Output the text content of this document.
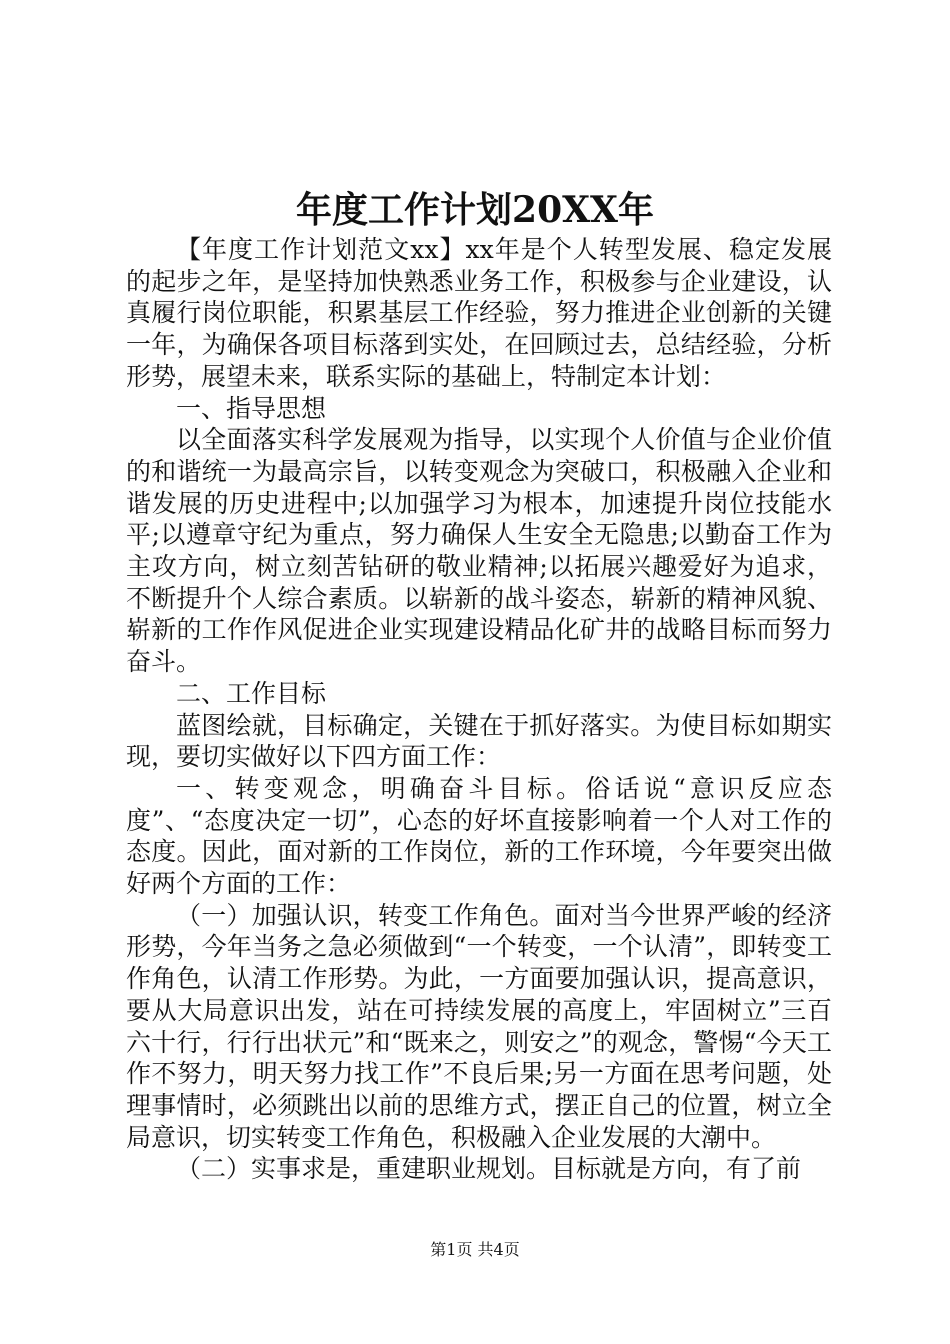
年度工作计划20XX年

【年度工作计划范文xx】xx年是个人转型发展、稳定发展的起步之年，是坚持加快熟悉业务工作，积极参与企业建设，认真履行岗位职能，积累基层工作经验，努力推进企业创新的关键一年，为确保各项目标落到实处，在回顾过去，总结经验，分析形势，展望未来，联系实际的基础上，特制定本计划：

一、指导思想

以全面落实科学发展观为指导，以实现个人价值与企业价值的和谐统一为最高宗旨，以转变观念为突破口，积极融入企业和谐发展的历史进程中;以加强学习为根本，加速提升岗位技能水平;以遵章守纪为重点，努力确保人生安全无隐患;以勤奋工作为主攻方向，树立刻苦钻研的敬业精神;以拓展兴趣爱好为追求，不断提升个人综合素质。以崭新的战斗姿态，崭新的精神风貌、崭新的工作作风促进企业实现建设精品化矿井的战略目标而努力奋斗。

二、工作目标

蓝图绘就，目标确定，关键在于抓好落实。为使目标如期实现，要切实做好以下四方面工作：

一、转变观念，明确奋斗目标。俗话说“意识反应态度”、“态度决定一切”，心态的好坏直接影响着一个人对工作的态度。因此，面对新的工作岗位，新的工作环境，今年要突出做好两个方面的工作：

（一）加强认识，转变工作角色。面对当今世界严峻的经济形势，今年当务之急必须做到“一个转变，一个认清”，即转变工作角色，认清工作形势。为此，一方面要加强认识，提高意识，要从大局意识出发，站在可持续发展的高度上，牢固树立”三百六十行，行行出状元”和“既来之，则安之”的观念，警惕“今天工作不努力，明天努力找工作”不良后果;另一方面在思考问题，处理事情时，必须跳出以前的思维方式，摆正自己的位置，树立全局意识，切实转变工作角色，积极融入企业发展的大潮中。

（二）实事求是，重建职业规划。目标就是方向，有了前

第1页 共4页
